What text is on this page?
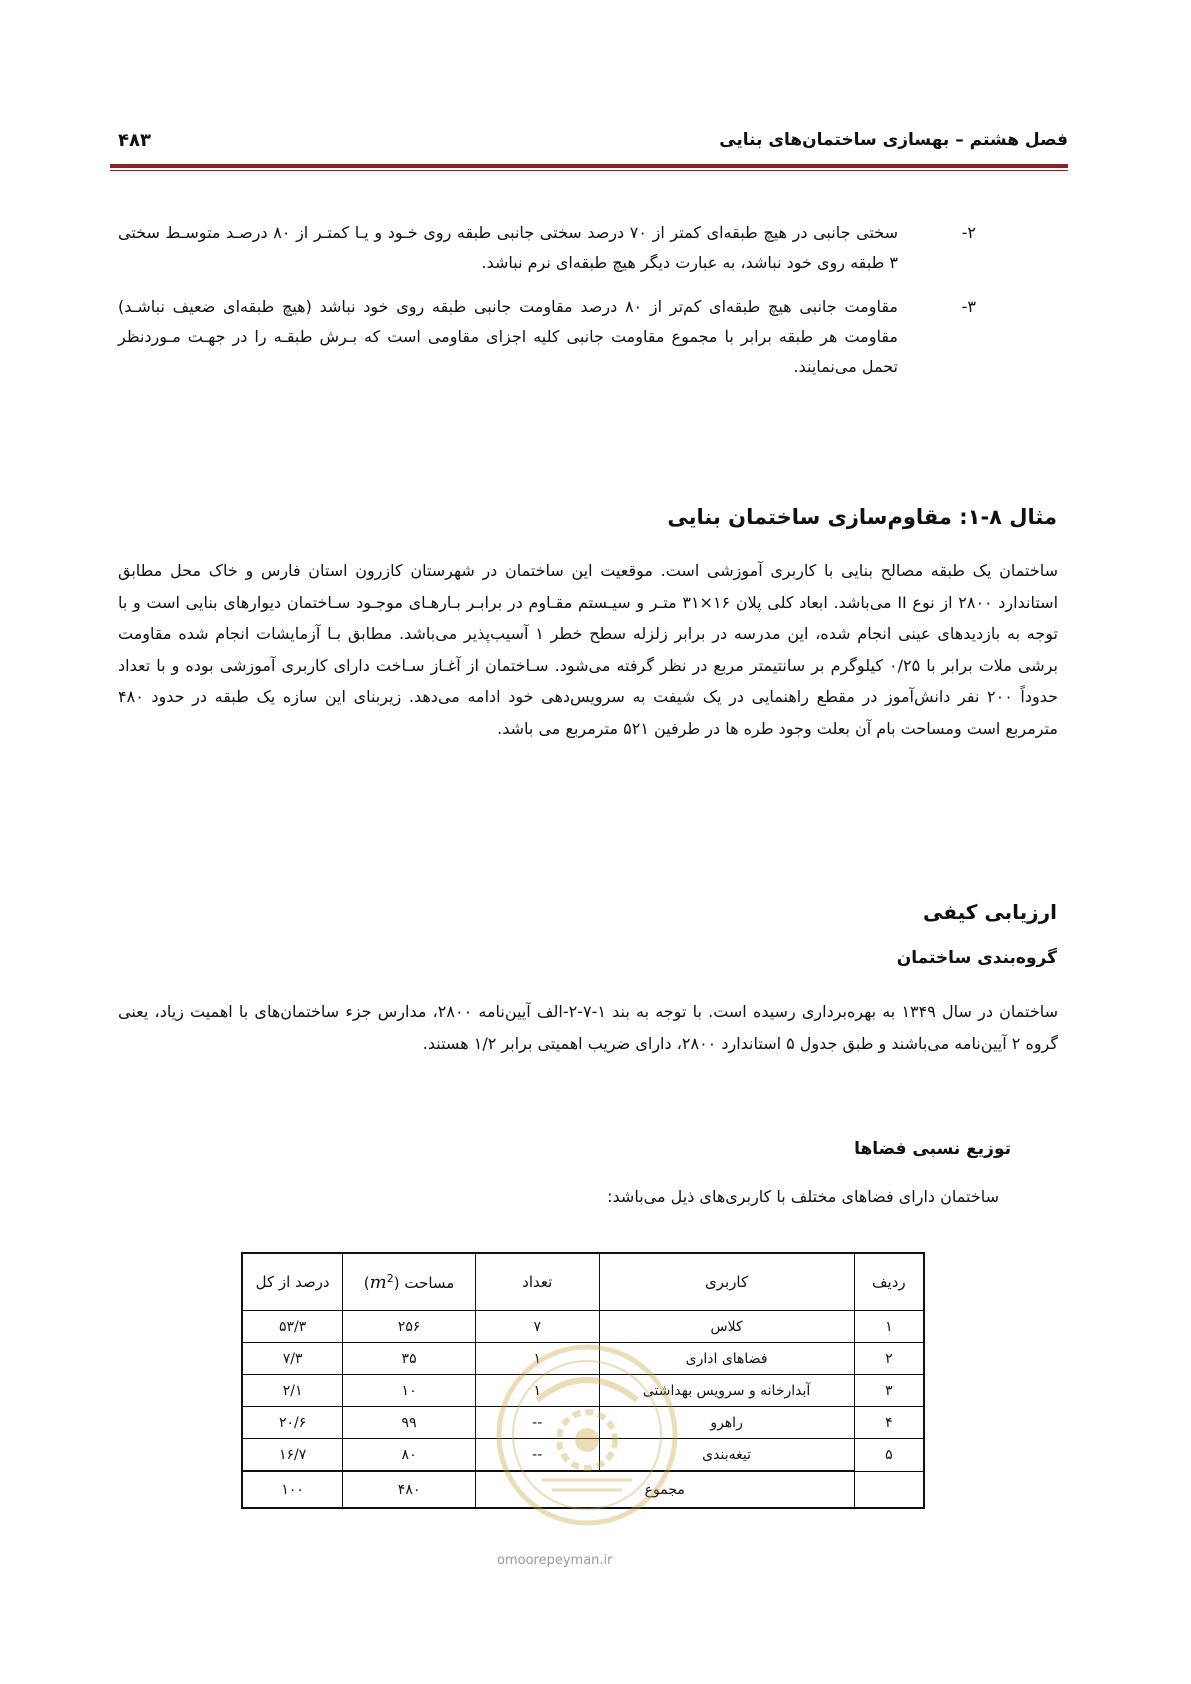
فصل هشتم – بهسازی ساختمان‌های بنایی
۴۸۳
۲-
سختی جانبی در هیچ طبقه‌ای کمتر از ۷۰ درصد سختی جانبی طبقه روی خـود و یـا کمتـر از ۸۰ درصـد متوسـط سختی ۳ طبقه روی خود نباشد، به عبارت دیگر هیچ طبقه‌ای نرم نباشد.
۳-
مقاومت جانبی هیچ طبقه‌ای کم‌تر از ۸۰ درصد مقاومت جانبی طبقه روی خود نباشد (هیچ طبقه‌ای ضعیف نباشـد) مقاومت هر طبقه برابر با مجموع مقاومت جانبی کلیه اجزای مقاومی است که بـرش طبقـه را در جهـت مـوردنظر تحمل می‌نمایند.
مثال ۸-۱: مقاوم‌سازی ساختمان بنایی
ساختمان یک طبقه مصالح بنایی با کاربری آموزشی است. موقعیت این ساختمان در شهرستان کازرون استان فارس و خاک محل مطابق استاندارد ۲۸۰۰ از نوع II می‌باشد. ابعاد کلی پلان ۱۶×۳۱ متـر و سیـستم مقـاوم در برابـر بـارهـای موجـود سـاختمان دیوارهای بنایی است و با توجه به بازدیدهای عینی انجام شده، این مدرسه در برابر زلزله سطح خطر ۱ آسیب‌پذیر می‌باشد. مطابق بـا آزمایشات انجام شده مقاومت برشی ملات برابر با ۰/۲۵ کیلوگرم بر سانتیمتر مربع در نظر گرفته می‌شود. سـاختمان از آغـاز سـاخت دارای کاربری آموزشی بوده و با تعداد حدوداً ۲۰۰ نفر دانش‌آموز در مقطع راهنمایی در یک شیفت به سرویس‌دهی خود ادامه می‌دهد. زیربنای این سازه یک طبقه در حدود ۴۸۰ مترمربع است ومساحت بام آن بعلت وجود طره ها در طرفین ۵۲۱ مترمربع می باشد.
ارزیابی کیفی
گروه‌بندی ساختمان
ساختمان در سال ۱۳۴۹ به بهره‌برداری رسیده است. با توجه به بند ۱-۷-۲-الف آیین‌نامه ۲۸۰۰، مدارس جزء ساختمان‌های با اهمیت زیاد، یعنی گروه ۲ آیین‌نامه می‌باشند و طبق جدول ۵ استاندارد ۲۸۰۰، دارای ضریب اهمیتی برابر ۱/۲ هستند.
توزیع نسبی فضاها
ساختمان دارای فضاهای مختلف با کاربری‌های ذیل می‌باشد:
ردیف	کاربری	تعداد	مساحت $(m^2)$	درصد از کل
۱	کلاس	۷	۲۵۶	۵۳/۳
۲	فضاهای اداری	۱	۳۵	۷/۳
۳	آبدارخانه و سرویس بهداشتی	۱	۱۰	۲/۱
۴	راهرو	--	۹۹	۲۰/۶
۵	تیغه‌بندی	--	۸۰	۱۶/۷
	مجموع		۴۸۰	۱۰۰
omoorepeyman.ir
